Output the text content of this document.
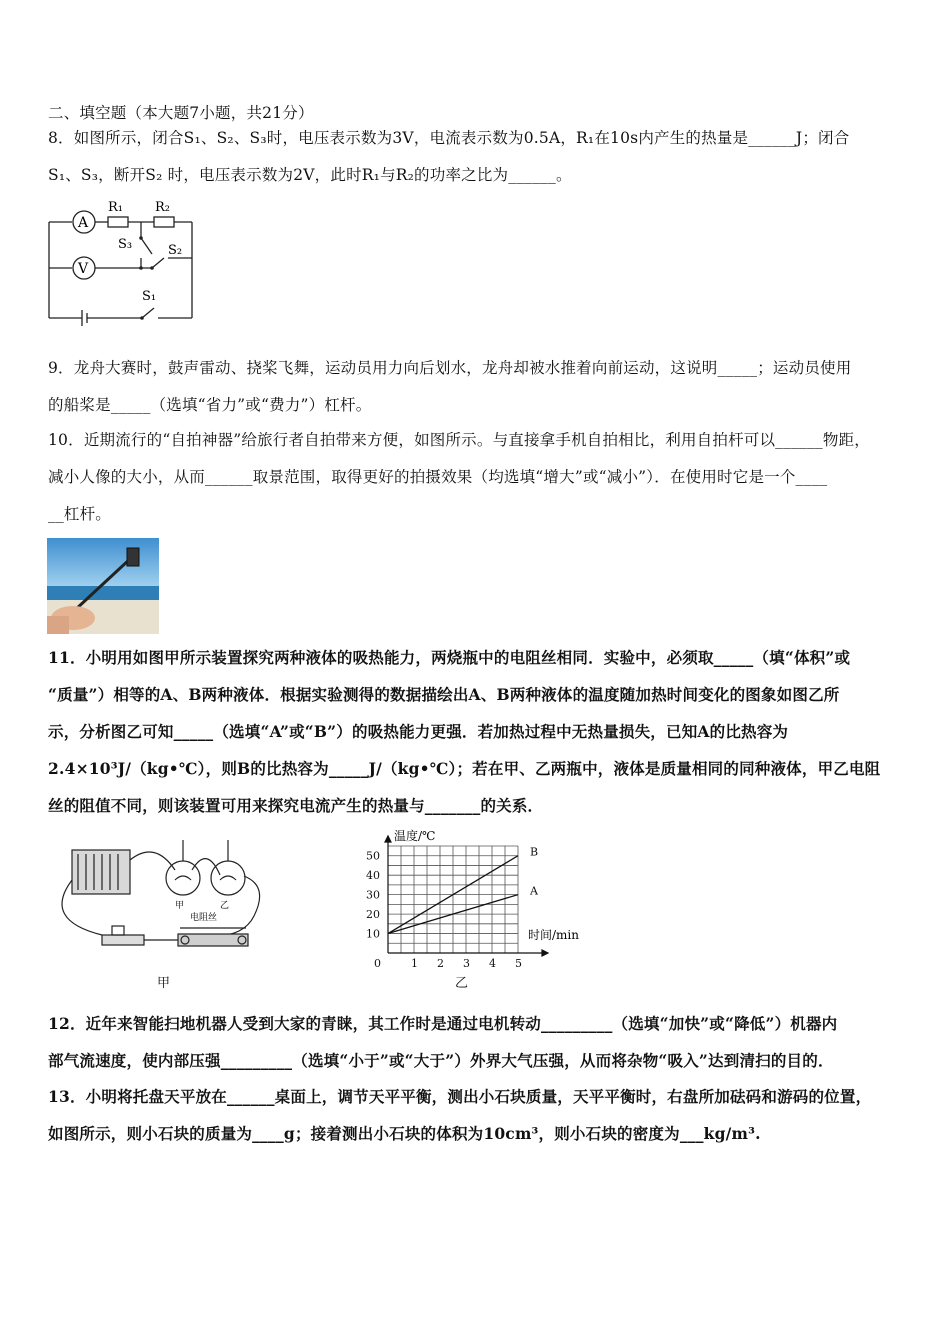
二、填空题（本大题7小题，共21分）
8．如图所示，闭合S₁、S₂、S₃时，电压表示数为3V，电流表示数为0.5A，R₁在10s内产生的热量是______J；闭合
S₁、S₃，断开S₂ 时，电压表示数为2V，此时R₁与R₂的功率之比为______。
A
V
R₁ R₂
S₃	S₂
S₁
9．龙舟大赛时，鼓声雷动、挠桨飞舞，运动员用力向后划水，龙舟却被水推着向前运动，这说明_____；运动员使用
的船桨是_____（选填“省力”或“费力”）杠杆。
10．近期流行的“自拍神器”给旅行者自拍带来方便，如图所示。与直接拿手机自拍相比，利用自拍杆可以______物距，
减小人像的大小，从而______取景范围，取得更好的拍摄效果（均选填“增大”或“减小”）．在使用时它是一个____
__杠杆。
11．小明用如图甲所示装置探究两种液体的吸热能力，两烧瓶中的电阻丝相同．实验中，必须取_____（填“体积”或
“质量”）相等的A、B两种液体．根据实验测得的数据描绘出A、B两种液体的温度随加热时间变化的图象如图乙所
示，分析图乙可知_____（选填“A”或“B”）的吸热能力更强．若加热过程中无热量损失，已知A的比热容为
2.4×10³J/（kg•℃），则B的比热容为_____J/（kg•℃）；若在甲、乙两瓶中，液体是质量相同的同种液体，甲乙电阻
丝的阻值不同，则该装置可用来探究电流产生的热量与_______的关系．
甲	乙
电阻丝
甲
0	1 2 3 4 5
10
20
30
40
50	B
A
温度/℃
时间/min
乙
12．近年来智能扫地机器人受到大家的青睐，其工作时是通过电机转动_________（选填“加快”或“降低”）机器内
部气流速度，使内部压强_________（选填“小于”或“大于”）外界大气压强，从而将杂物“吸入”达到清扫的目的．
13．小明将托盘天平放在______桌面上，调节天平平衡，测出小石块质量，天平平衡时，右盘所加砝码和游码的位置，
如图所示，则小石块的质量为____g；接着测出小石块的体积为10cm³，则小石块的密度为___kg/m³.
